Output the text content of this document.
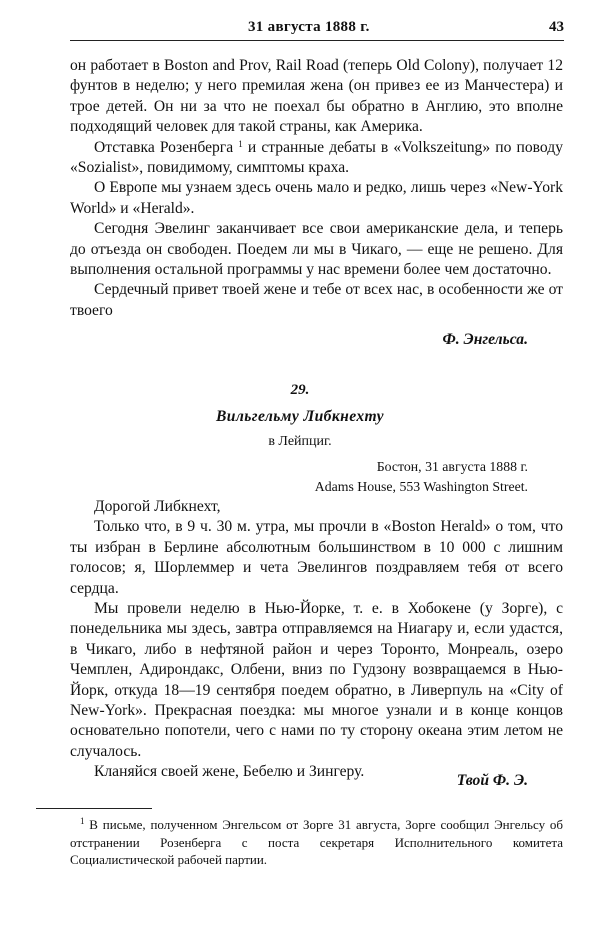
31 августа 1888 г.	43

он работает в Boston and Prov, Rail Road (теперь Old Colony), получает 12 фунтов в неделю; у него премилая жена (он привез ее из Манчестера) и трое детей. Он ни за что не поехал бы обратно в Англию, это вполне подходящий человек для такой страны, как Америка.

Отставка Розенберга $^1$ и странные дебаты в «Volkszeitung» по поводу «Sozialist», повидимому, симптомы краха.

О Европе мы узнаем здесь очень мало и редко, лишь через «New-York World» и «Herald».

Сегодня Эвелинг заканчивает все свои американские дела, и теперь до отъезда он свободен. Поедем ли мы в Чикаго, — еще не решено. Для выполнения остальной программы у нас времени более чем достаточно.

Сердечный привет твоей жене и тебе от всех нас, в особенности же от твоего

Ф. Энгельса.
29.
Вильгельму Либкнехту
в Лейпциг.
Бостон, 31 августа 1888 г.
Adams House, 553 Washington Street.

Дорогой Либкнехт,

Только что, в 9 ч. 30 м. утра, мы прочли в «Boston Herald» о том, что ты избран в Берлине абсолютным большинством в 10 000 с лишним голосов; я, Шорлеммер и чета Эвелингов поздравляем тебя от всего сердца.

Мы провели неделю в Нью-Йорке, т. е. в Хобокене (у Зорге), с понедельника мы здесь, завтра отправляемся на Ниагару и, если удастся, в Чикаго, либо в нефтяной район и через Торонто, Монреаль, озеро Чемплен, Адирондакс, Олбени, вниз по Гудзону возвращаемся в Нью-Йорк, откуда 18—19 сентября поедем обратно, в Ливерпуль на «City of New-York». Прекрасная поездка: мы многое узнали и в конце концов основательно попотели, чего с нами по ту сторону океана этим летом не случалось.

Кланяйся своей жене, Бебелю и Зингеру.

Твой Ф. Э.

$^1$ В письме, полученном Энгельсом от Зорге 31 августа, Зорге сообщил Энгельсу об отстранении Розенберга с поста секретаря Исполнительного комитета Социалистической рабочей партии.
